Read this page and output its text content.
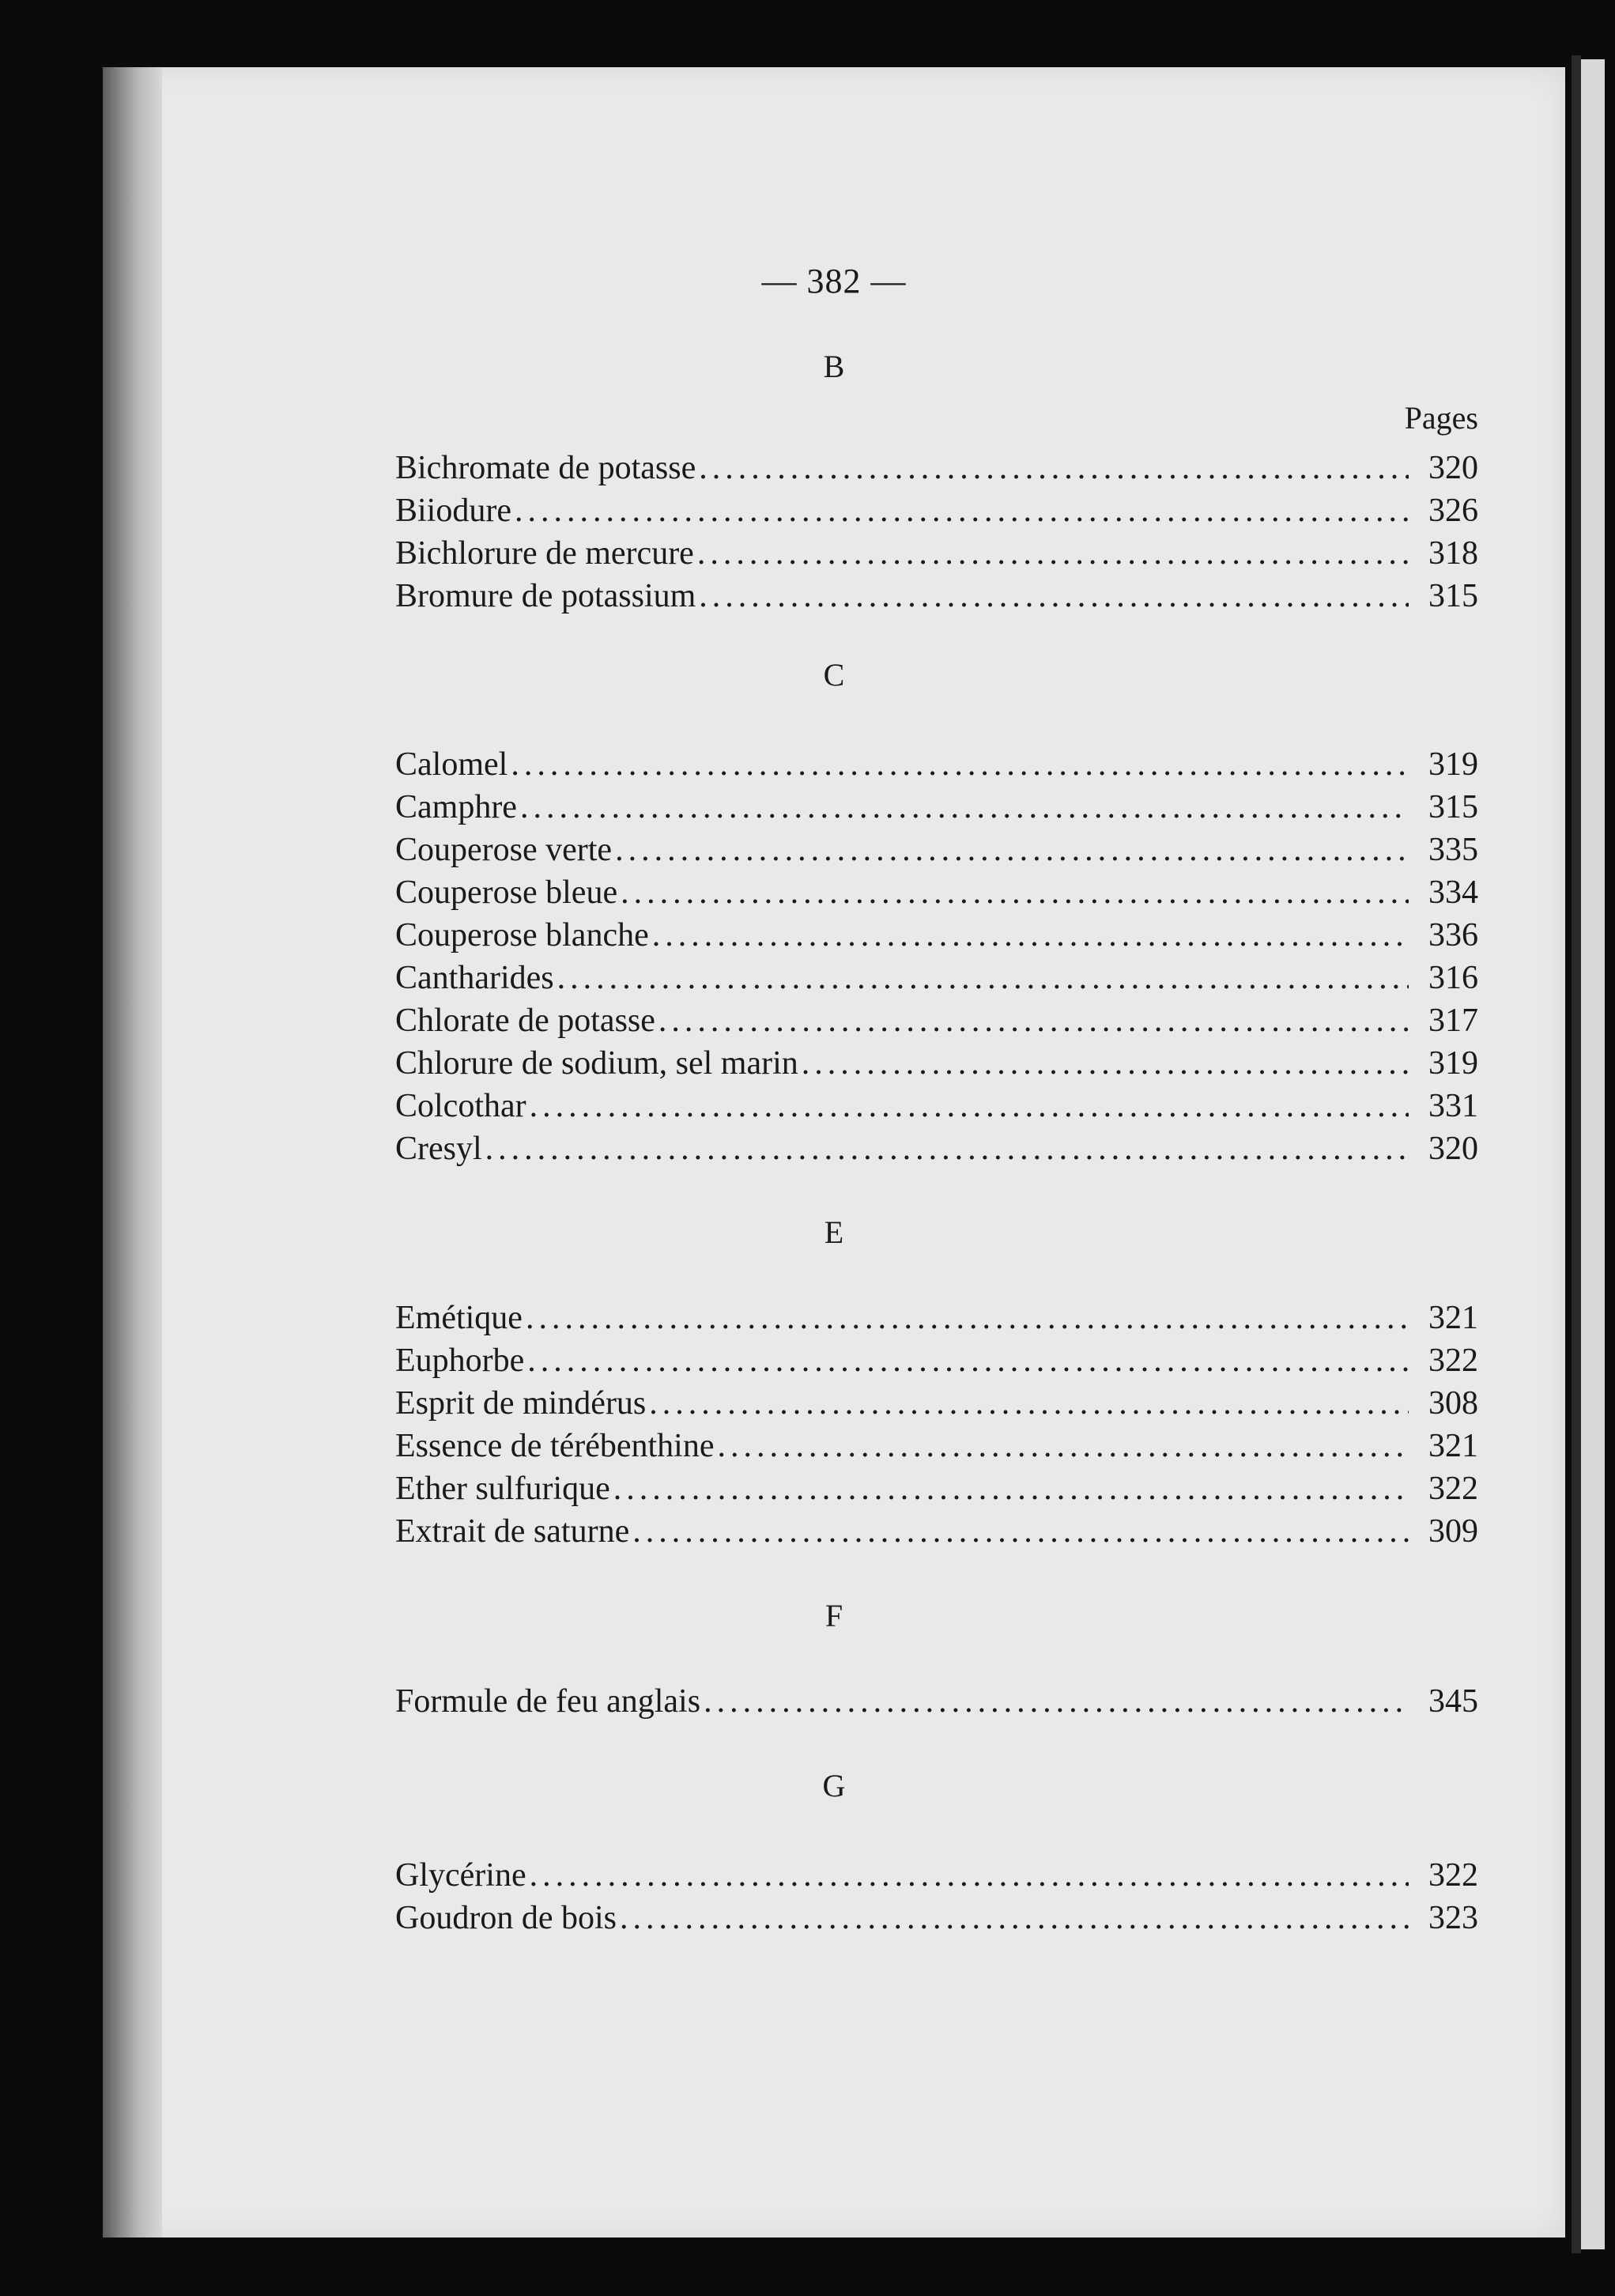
— 382 —
B
Pages
Bichromate de potasse .....	320
Biiodure .....	326
Bichlorure de mercure .....	318
Bromure de potassium .....	315
C
Calomel .....	319
Camphre .....	315
Couperose verte .....	335
Couperose bleue .....	334
Couperose blanche .....	336
Cantharides .....	316
Chlorate de potasse .....	317
Chlorure de sodium, sel marin .....	319
Colcothar .....	331
Cresyl .....	320
E
Emétique .....	321
Euphorbe .....	322
Esprit de mindérus .....	308
Essence de térébenthine .....	321
Ether sulfurique .....	322
Extrait de saturne .....	309
F
Formule de feu anglais .....	345
G
Glycérine .....	322
Goudron de bois .....	323
